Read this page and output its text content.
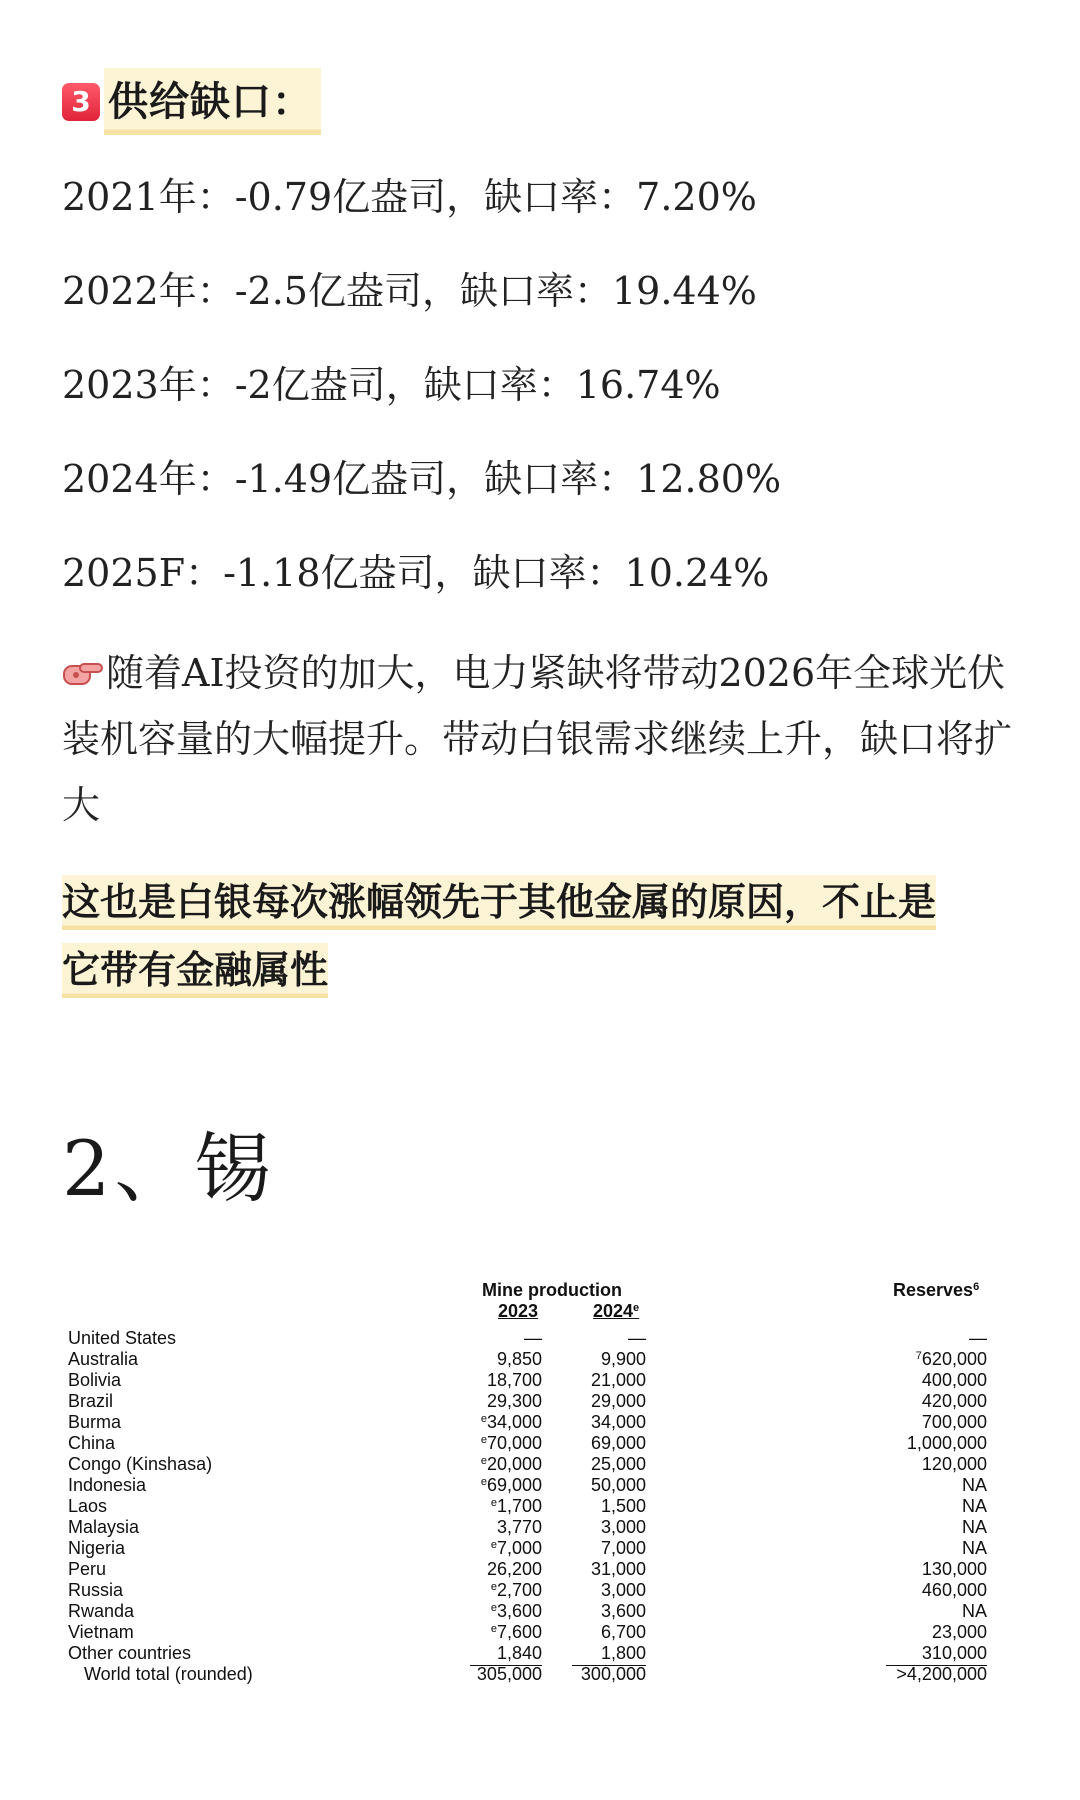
3 供给缺口：
2021年：-0.79亿盎司，缺口率：7.20%
2022年：-2.5亿盎司，缺口率：19.44%
2023年：-2亿盎司，缺口率：16.74%
2024年：-1.49亿盎司，缺口率：12.80%
2025F：-1.18亿盎司，缺口率：10.24%
随着AI投资的加大，电力紧缺将带动2026年全球光伏装机容量的大幅提升。带动白银需求继续上升，缺口将扩大
这也是白银每次涨幅领先于其他金属的原因，不止是
它带有金融属性
2、锡
Mine production
2023	2024e
Reserves$^6$
United States	—	—	—
Australia	9,850	9,900	$^7$620,000
Bolivia	18,700	21,000	400,000
Brazil	29,300	29,000	420,000
Burma	$^e$34,000	34,000	700,000
China	$^e$70,000	69,000	1,000,000
Congo (Kinshasa)	$^e$20,000	25,000	120,000
Indonesia	$^e$69,000	50,000	NA
Laos	$^e$1,700	1,500	NA
Malaysia	3,770	3,000	NA
Nigeria	$^e$7,000	7,000	NA
Peru	26,200	31,000	130,000
Russia	$^e$2,700	3,000	460,000
Rwanda	$^e$3,600	3,600	NA
Vietnam	$^e$7,600	6,700	23,000
Other countries	1,840	1,800	310,000
World total (rounded)	305,000 300,000	>4,200,000
